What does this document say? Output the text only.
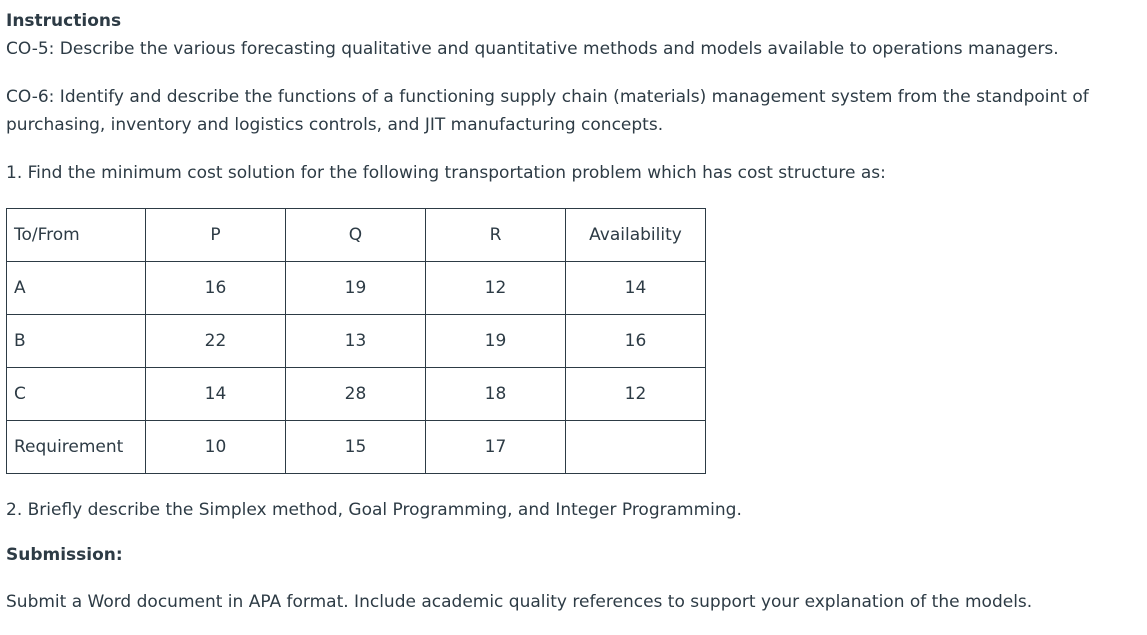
Instructions
CO-5: Describe the various forecasting qualitative and quantitative methods and models available to operations managers.
CO-6: Identify and describe the functions of a functioning supply chain (materials) management system from the standpoint of
purchasing, inventory and logistics controls, and JIT manufacturing concepts.
1. Find the minimum cost solution for the following transportation problem which has cost structure as:
To/From	P	Q	R	Availability
A	16	19	12	14
B	22	13	19	16
C	14	28	18	12
Requirement	10	15	17	
2. Briefly describe the Simplex method, Goal Programming, and Integer Programming.
Submission:
Submit a Word document in APA format. Include academic quality references to support your explanation of the models.
